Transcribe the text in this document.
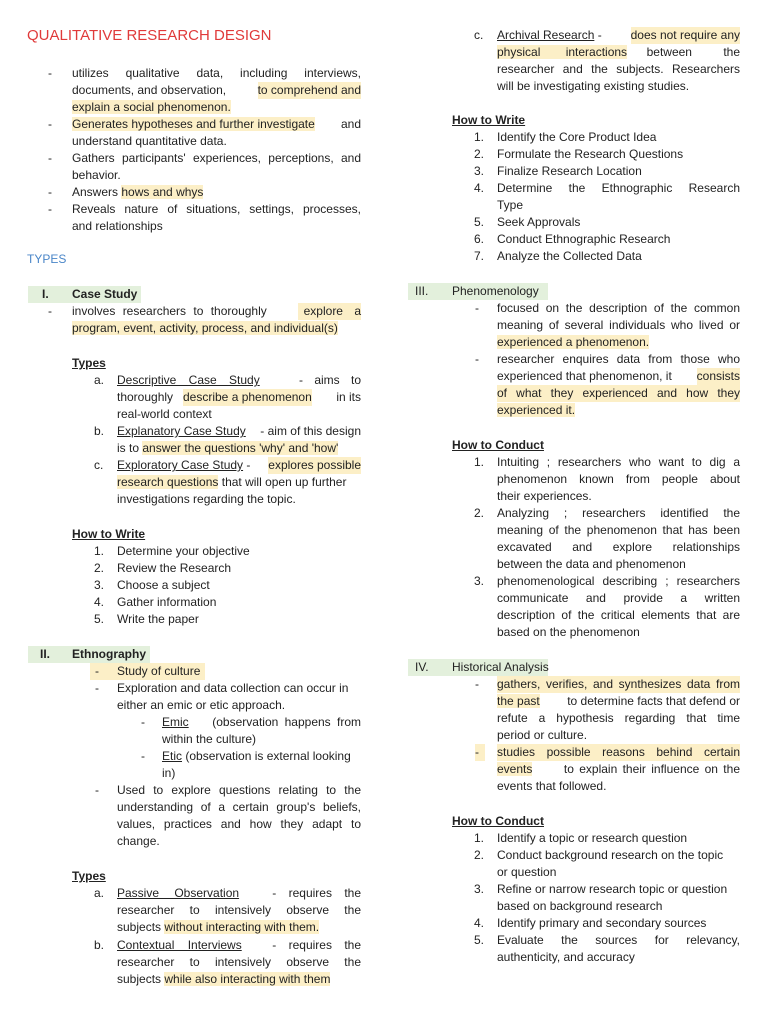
QUALITATIVE RESEARCH DESIGN
- utilizes qualitative data, including interviews,
documents, and observation,	to comprehend and
explain a social phenomenon.
- Generates hypotheses and further investigate and
understand quantitative data.
- Gathers participants' experiences, perceptions, and
behavior.
- Answers hows and whys
- Reveals nature of situations, settings, processes,
and relationships
TYPES
I. Case Study
- involves researchers to thoroughly	explore a
program, event, activity, process, and individual(s)
Types
a. Descriptive Case Study	- aims to
thoroughly describe a phenomenon in its
real-world context
b. Explanatory Case Study - aim of this design
is to answer the questions 'why' and 'how'
c. Exploratory Case Study - explores possible
research questions that will open up further
investigations regarding the topic.
How to Write
1. Determine your objective
2. Review the Research
3. Choose a subject
4. Gather information
5. Write the paper
II. Ethnography
- Study of culture
- Exploration and data collection can occur in
either an emic or etic approach.
- Emic (observation happens from
within the culture)
- Etic (observation is external looking
in)
- Used to explore questions relating to the
understanding of a certain group's beliefs,
values, practices and how they adapt to
change.
Types
a. Passive Observation	- requires the
researcher to intensively observe the
subjects without interacting with them.
b. Contextual Interviews	- requires the
researcher to intensively observe the
subjects while also interacting with them
c. Archival Research - does not require any
physical interactions between the
researcher and the subjects. Researchers
will be investigating existing studies.
How to Write
1. Identify the Core Product Idea
2. Formulate the Research Questions
3. Finalize Research Location
4. Determine the Ethnographic Research
Type
5. Seek Approvals
6. Conduct Ethnographic Research
7. Analyze the Collected Data
III. Phenomenology
- focused on the description of the common
meaning of several individuals who lived or
experienced a phenomenon.
- researcher enquires data from those who
experienced that phenomenon, it consists
of what they experienced and how they
experienced it.
How to Conduct
1. Intuiting ; researchers who want to dig a
phenomenon known from people about
their experiences.
2. Analyzing ; researchers identified the
meaning of the phenomenon that has been
excavated and explore relationships
between the data and phenomenon
3. phenomenological describing ; researchers
communicate and provide a written
description of the critical elements that are
based on the phenomenon
IV. Historical Analysis
- gathers, verifies, and synthesizes data from
the past to determine facts that defend or
refute a hypothesis regarding that time
period or culture.
- studies possible reasons behind certain
events	to explain their influence on the
events that followed.
How to Conduct
1. Identify a topic or research question
2. Conduct background research on the topic
or question
3. Refine or narrow research topic or question
based on background research
4. Identify primary and secondary sources
5. Evaluate the sources for relevancy,
authenticity, and accuracy
